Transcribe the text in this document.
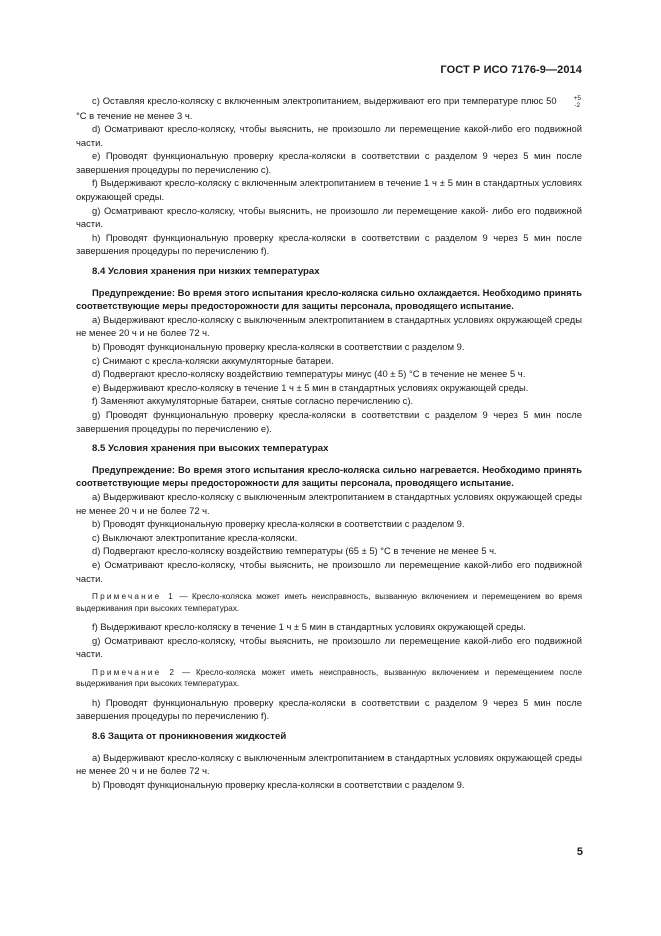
ГОСТ Р ИСО 7176-9—2014

c) Оставляя кресло-коляску с включенным электропитанием, выдерживают его при температуре плюс 50	+5
-2
°С в течение не менее 3 ч.

d) Осматривают кресло-коляску, чтобы выяснить, не произошло ли перемещение какой-либо его подвижной части.

e) Проводят функциональную проверку кресла-коляски в соответствии с разделом 9 через 5 мин после завершения процедуры по перечислению с).

f) Выдерживают кресло-коляску с включенным электропитанием в течение 1 ч ± 5 мин в стандартных условиях окружающей среды.

g) Осматривают кресло-коляску, чтобы выяснить, не произошло ли перемещение какой- либо его подвижной части.

h) Проводят функциональную проверку кресла-коляски в соответствии с разделом 9 через 5 мин после завершения процедуры по перечислению f).

8.4 Условия хранения при низких температурах

Предупреждение: Во время этого испытания кресло-коляска сильно охлаждается. Необходимо принять соответствующие меры предосторожности для защиты персонала, проводящего испытание.

a) Выдерживают кресло-коляску с выключенным электропитанием в стандартных условиях окружающей среды не менее 20 ч и не более 72 ч.

b) Проводят функциональную проверку кресла-коляски в соответствии с разделом 9.

c) Снимают с кресла-коляски аккумуляторные батареи.

d) Подвергают кресло-коляску воздействию температуры минус (40 ± 5) °С в течение не менее 5 ч.

e) Выдерживают кресло-коляску в течение 1 ч ± 5 мин в стандартных условиях окружающей среды.

f) Заменяют аккумуляторные батареи, снятые согласно перечислению с).

g) Проводят функциональную проверку кресла-коляски в соответствии с разделом 9 через 5 мин после завершения процедуры по перечислению е).

8.5 Условия хранения при высоких температурах

Предупреждение: Во время этого испытания кресло-коляска сильно нагревается. Необходимо принять соответствующие меры предосторожности для защиты персонала, проводящего испытание.

a) Выдерживают кресло-коляску с выключенным электропитанием в стандартных условиях окружающей среды не менее 20 ч и не более 72 ч.

b) Проводят функциональную проверку кресла-коляски в соответствии с разделом 9.

c) Выключают электропитание кресла-коляски.

d) Подвергают кресло-коляску воздействию температуры (65 ± 5) °С в течение не менее 5 ч.

e) Осматривают кресло-коляску, чтобы выяснить, не произошло ли перемещение какой-либо его подвижной части.

Примечание 1 — Кресло-коляска может иметь неисправность, вызванную включением и перемещением во время выдерживания при высоких температурах.

f) Выдерживают кресло-коляску в течение 1 ч ± 5 мин в стандартных условиях окружающей среды.

g) Осматривают кресло-коляску, чтобы выяснить, не произошло ли перемещение какой-либо его подвижной части.

Примечание 2 — Кресло-коляска может иметь неисправность, вызванную включением и перемещением после выдерживания при высоких температурах.

h) Проводят функциональную проверку кресла-коляски в соответствии с разделом 9 через 5 мин после завершения процедуры по перечислению f).

8.6 Защита от проникновения жидкостей

a) Выдерживают кресло-коляску с выключенным электропитанием в стандартных условиях окружающей среды не менее 20 ч и не более 72 ч.

b) Проводят функциональную проверку кресла-коляски в соответствии с разделом 9.

5
